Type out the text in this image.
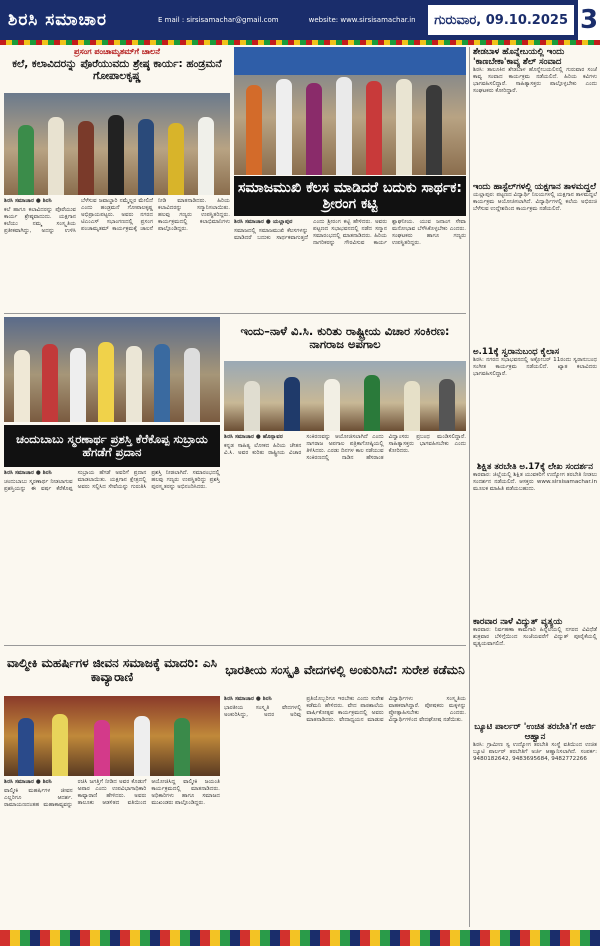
ಶಿರಸಿ ಸಮಾಚಾರ	E mail : sirsisamachar@gmail.com	website: www.sirsisamachar.in	ಗುರುವಾರ, 09.10.2025 3
ಪ್ರಸಂಗ ಪಂಚಾಮೃತಮ್‌ಗೆ ಚಾಲನೆ
ಕಲೆ, ಕಲಾವಿದರನ್ನು ಪೊರೆಯುವದು ಶ್ರೇಷ್ಠ ಕಾರ್ಯ: ಹಂಡ್ರಮನೆ ಗೋಪಾಲಕೃಷ್ಣ

ಶಿರಸಿ ಸಮಾಚಾರ ● ಶಿರಸಿ

ಕಲೆ ಹಾಗೂ ಕಲಾವಿದರನ್ನು ಪೊರೆಯುವ ಕಾರ್ಯ ಶ್ರೇಷ್ಠವಾದುದು. ಯಕ್ಷಗಾನ ಕಲೆಯು ನಮ್ಮ ಸಂಸ್ಕೃತಿಯ ಪ್ರತೀಕವಾಗಿದ್ದು, ಅದನ್ನು ಉಳಿಸಿ ಬೆಳೆಸುವ ಜವಾಬ್ದಾರಿ ನಮ್ಮೆಲ್ಲರ ಮೇಲಿದೆ ಎಂದು ಹಂಡ್ರಮನೆ ಗೋಪಾಲಕೃಷ್ಣ ಅಭಿಪ್ರಾಯಪಟ್ಟರು. ಅವರು ನಗರದ ಟಿಎಂಎಸ್ ಸಭಾಂಗಣದಲ್ಲಿ ಪ್ರಸಂಗ ಪಂಚಾಮೃತಮ್ ಕಾರ್ಯಕ್ರಮಕ್ಕೆ ಚಾಲನೆ ನೀಡಿ ಮಾತನಾಡಿದರು. ಹಿರಿಯ ಕಲಾವಿದರನ್ನು ಸನ್ಮಾನಿಸಲಾಯಿತು. ಹಲವು ಗಣ್ಯರು ಉಪಸ್ಥಿತರಿದ್ದರು. ಕಾರ್ಯಕ್ರಮದಲ್ಲಿ ಕಲಾಭಿಮಾನಿಗಳು ಪಾಲ್ಗೊಂಡಿದ್ದರು.

ಸಮಾಜಮುಖಿ ಕೆಲಸ ಮಾಡಿದರೆ ಬದುಕು ಸಾರ್ಥಕ: ಶ್ರೀರಂಗ ಕಟ್ಟಿ

ಶಿರಸಿ ಸಮಾಚಾರ ● ಯಲ್ಲಾಪುರ

ಸಮಾಜದಲ್ಲಿ ಸಮಾಜಮುಖಿ ಕೆಲಸಗಳನ್ನು ಮಾಡಿದರೆ ಬದುಕು ಸಾರ್ಥಕವಾಗುತ್ತದೆ ಎಂದು ಶ್ರೀರಂಗ ಕಟ್ಟಿ ಹೇಳಿದರು. ಅವರು ಪಟ್ಟಣದ ಸಭಾಭವನದಲ್ಲಿ ನಡೆದ ಸನ್ಮಾನ ಸಮಾರಂಭದಲ್ಲಿ ಮಾತನಾಡಿದರು. ಹಿರಿಯ ನಾಗರಿಕರನ್ನು ಗೌರವಿಸುವ ಕಾರ್ಯ ಶ್ಲಾಘನೀಯ. ಯುವ ಜನಾಂಗ ಸೇವಾ ಮನೋಭಾವ ಬೆಳೆಸಿಕೊಳ್ಳಬೇಕು ಎಂದರು. ಸಂಘಟಕರು ಹಾಗೂ ಗಣ್ಯರು ಉಪಸ್ಥಿತರಿದ್ದರು.

ಇಂದು–ನಾಳೆ ವಿ.ಸಿ. ಕುರಿತು ರಾಷ್ಟ್ರೀಯ ವಿಚಾರ ಸಂಕಿರಣ: ನಾಗರಾಜ ಅಪಗಾಲ

ಶಿರಸಿ ಸಮಾಚಾರ ● ಹೊನ್ನಾವರ

ಕನ್ನಡ ಸಾಹಿತ್ಯ ಲೋಕದ ಹಿರಿಯ ಚೇತನ ವಿ.ಸಿ. ಅವರ ಕುರಿತು ರಾಷ್ಟ್ರೀಯ ವಿಚಾರ ಸಂಕಿರಣವನ್ನು ಆಯೋಜಿಸಲಾಗಿದೆ ಎಂದು ನಾಗರಾಜ ಅಪಗಾಲ ಪತ್ರಿಕಾಗೋಷ್ಠಿಯಲ್ಲಿ ತಿಳಿಸಿದರು. ಎರಡು ದಿನಗಳ ಕಾಲ ನಡೆಯುವ ಸಂಕಿರಣದಲ್ಲಿ ನಾಡಿನ ಹೆಸರಾಂತ ವಿದ್ವಾಂಸರು ಪ್ರಬಂಧ ಮಂಡಿಸಲಿದ್ದಾರೆ. ಸಾಹಿತ್ಯಾಸಕ್ತರು ಭಾಗವಹಿಸಬೇಕು ಎಂದು ಕೋರಿದರು.

ಚಂದುಬಾಬು ಸ್ಮರಣಾರ್ಥ ಪ್ರಶಸ್ತಿ ಕೆರೆಕೊಪ್ಪ ಸುಬ್ರಾಯ ಹೆಗಡೆಗೆ ಪ್ರದಾನ

ಶಿರಸಿ ಸಮಾಚಾರ ● ಶಿರಸಿ

ಚಂದುಬಾಬು ಸ್ಮರಣಾರ್ಥ ನೀಡಲಾಗುವ ಪ್ರಶಸ್ತಿಯನ್ನು ಈ ವರ್ಷ ಕೆರೆಕೊಪ್ಪ ಸುಬ್ರಾಯ ಹೆಗಡೆ ಅವರಿಗೆ ಪ್ರದಾನ ಮಾಡಲಾಯಿತು. ಯಕ್ಷಗಾನ ಕ್ಷೇತ್ರದಲ್ಲಿ ಅವರು ಸಲ್ಲಿಸಿದ ಸೇವೆಯನ್ನು ಗುರುತಿಸಿ ಪ್ರಶಸ್ತಿ ನೀಡಲಾಗಿದೆ. ಸಮಾರಂಭದಲ್ಲಿ ಹಲವು ಗಣ್ಯರು ಉಪಸ್ಥಿತರಿದ್ದು ಪ್ರಶಸ್ತಿ ಪುರಸ್ಕೃತರನ್ನು ಅಭಿನಂದಿಸಿದರು.

ವಾಲ್ಮೀಕಿ ಮಹರ್ಷಿಗಳ ಜೀವನ ಸಮಾಜಕ್ಕೆ ಮಾದರಿ: ಎಸಿ ಕಾವ್ಯಾರಾಣಿ

ಶಿರಸಿ ಸಮಾಚಾರ ● ಶಿರಸಿ

ವಾಲ್ಮೀಕಿ ಮಹರ್ಷಿಗಳ ಜೀವನ ಎಲ್ಲರಿಗೂ ಆದರ್ಶ. ರಾಮಾಯಣದಂತಹ ಮಹಾಕಾವ್ಯವನ್ನು ರಚಿಸಿ ಜಗತ್ತಿಗೆ ನೀಡಿದ ಅವರ ಕೊಡುಗೆ ಅಪಾರ ಎಂದು ಉಪವಿಭಾಗಾಧಿಕಾರಿ ಕಾವ್ಯಾರಾಣಿ ಹೇಳಿದರು. ಅವರು ತಾಲೂಕು ಆಡಳಿತದ ವತಿಯಿಂದ ಆಯೋಜಿಸಿದ್ದ ವಾಲ್ಮೀಕಿ ಜಯಂತಿ ಕಾರ್ಯಕ್ರಮದಲ್ಲಿ ಮಾತನಾಡಿದರು. ಅಧಿಕಾರಿಗಳು ಹಾಗೂ ಸಮಾಜದ ಮುಖಂಡರು ಪಾಲ್ಗೊಂಡಿದ್ದರು.

ಭಾರತೀಯ ಸಂಸ್ಕೃತಿ ವೇದಗಳಲ್ಲಿ ಅಂಕುರಿಸಿದೆ: ಸುರೇಶ ಕಡೆಮನಿ

ಶಿರಸಿ ಸಮಾಚಾರ ● ಶಿರಸಿ

ಭಾರತೀಯ ಸಂಸ್ಕೃತಿ ವೇದಗಳಲ್ಲಿ ಅಂಕುರಿಸಿದ್ದು, ಅದರ ಅರಿವು ಪ್ರತಿಯೊಬ್ಬರಿಗೂ ಇರಬೇಕು ಎಂದು ಸುರೇಶ ಕಡೆಮನಿ ಹೇಳಿದರು. ವೇದ ಪಾಠಶಾಲೆಯ ವಾರ್ಷಿಕೋತ್ಸವ ಕಾರ್ಯಕ್ರಮದಲ್ಲಿ ಅವರು ಮಾತನಾಡಿದರು. ವೇದಾಧ್ಯಯನ ಮಾಡುವ ವಿದ್ಯಾರ್ಥಿಗಳು ಸಂಸ್ಕೃತಿಯ ವಾಹಕರಾಗಿದ್ದಾರೆ. ಪೋಷಕರು ಮಕ್ಕಳನ್ನು ಪ್ರೋತ್ಸಾಹಿಸಬೇಕು ಎಂದರು. ವಿದ್ಯಾರ್ಥಿಗಳಿಂದ ವೇದಘೋಷ ನಡೆಯಿತು.

ಶೇಡಬಾಳ ಹೊನ್ನೇಬಯಲ್ಲಿ ಇಂದು 'ಕಾಣಬೇಕಾ'ಕಾವ್ಯ ಶೆಲ್ ಸಂವಾದ
ಶಿರಸಿ: ತಾಲೂಕಿನ ಶೇಡಬಾಳ ಹೊನ್ನೇಬಯಲಿನಲ್ಲಿ ಗುರುವಾರ ಸಂಜೆ ಕಾವ್ಯ ಸಂವಾದ ಕಾರ್ಯಕ್ರಮ ನಡೆಯಲಿದೆ. ಹಿರಿಯ ಕವಿಗಳು ಭಾಗವಹಿಸಲಿದ್ದಾರೆ. ಸಾಹಿತ್ಯಾಸಕ್ತರು ಪಾಲ್ಗೊಳ್ಳಬೇಕು ಎಂದು ಸಂಘಟಕರು ಕೋರಿದ್ದಾರೆ.
ಇಂದು ಹಾಸ್ಟೆಲ್‌ಗಳಲ್ಲಿ ಯಕ್ಷಗಾನ ತಾಳಮದ್ದಲೆ
ಯಲ್ಲಾಪುರ: ಪಟ್ಟಣದ ವಿದ್ಯಾರ್ಥಿ ನಿಲಯಗಳಲ್ಲಿ ಯಕ್ಷಗಾನ ತಾಳಮದ್ದಲೆ ಕಾರ್ಯಕ್ರಮ ಆಯೋಜಿಸಲಾಗಿದೆ. ವಿದ್ಯಾರ್ಥಿಗಳಲ್ಲಿ ಕಲೆಯ ಅಭಿರುಚಿ ಬೆಳೆಸುವ ಉದ್ದೇಶದಿಂದ ಕಾರ್ಯಕ್ರಮ ನಡೆಯಲಿದೆ.
ಅ.11ಕ್ಕೆ ಸ್ವರಾನುಬಂಧ ಕೈಲಾಸ
ಶಿರಸಿ: ನಗರದ ಸಭಾಭವನದಲ್ಲಿ ಅಕ್ಟೋಬರ್ 11ರಂದು ಸ್ವರಾನುಬಂಧ ಸಂಗೀತ ಕಾರ್ಯಕ್ರಮ ನಡೆಯಲಿದೆ. ಖ್ಯಾತ ಕಲಾವಿದರು ಭಾಗವಹಿಸಲಿದ್ದಾರೆ.
ಶಿಕ್ಷಿತ ತರಬೇತಿ ಅ.17ಕ್ಕೆ ಲೇಖ ಸಂದರ್ಶನ
ಕಾರವಾರ: ಜಿಲ್ಲೆಯಲ್ಲಿ ಶಿಕ್ಷಿತ ಯುವಕರಿಗೆ ಉದ್ಯೋಗ ತರಬೇತಿ ನೀಡಲು ಸಂದರ್ಶನ ನಡೆಯಲಿದೆ. ಆಸಕ್ತರು www.sirsisamachar.in ಮೂಲಕ ಮಾಹಿತಿ ಪಡೆಯಬಹುದು.
ಕಾರವಾರ ನಾಳೆ ವಿದ್ಯುತ್ ವ್ಯತ್ಯಯ
ಕಾರವಾರ: ನಿರ್ವಹಣಾ ಕಾಮಗಾರಿ ಹಿನ್ನೆಲೆಯಲ್ಲಿ ನಗರದ ವಿವಿಧೆಡೆ ಶುಕ್ರವಾರ ಬೆಳಿಗ್ಗೆಯಿಂದ ಸಂಜೆಯವರೆಗೆ ವಿದ್ಯುತ್ ಪೂರೈಕೆಯಲ್ಲಿ ವ್ಯತ್ಯಯವಾಗಲಿದೆ.
ಬ್ಯೂಟಿ ಪಾರ್ಲರ್ 'ಉಚಿತ ತರಬೇತಿ'ಗೆ ಅರ್ಜಿ ಆಹ್ವಾನ
ಶಿರಸಿ: ಗ್ರಾಮೀಣ ಸ್ವ ಉದ್ಯೋಗ ತರಬೇತಿ ಸಂಸ್ಥೆ ವತಿಯಿಂದ ಉಚಿತ ಬ್ಯೂಟಿ ಪಾರ್ಲರ್ ತರಬೇತಿಗೆ ಅರ್ಜಿ ಆಹ್ವಾನಿಸಲಾಗಿದೆ. ಸಂಪರ್ಕ: 9480182642, 9483695684, 9482772266
